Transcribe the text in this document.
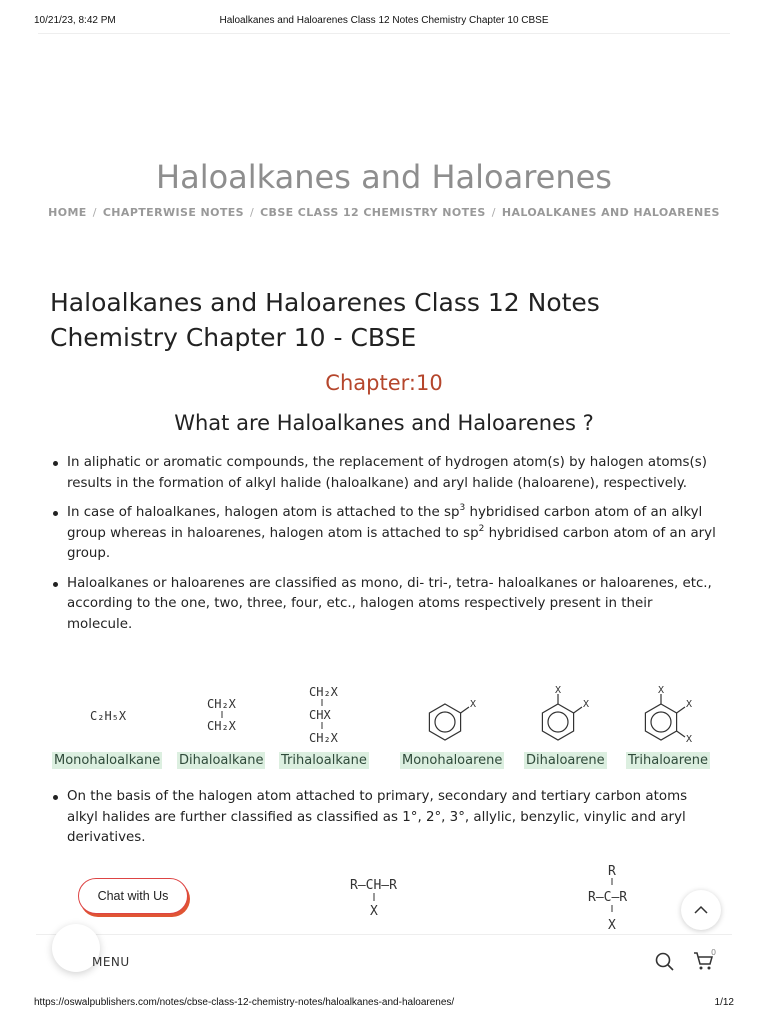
10/21/23, 8:42 PM	Haloalkanes and Haloarenes Class 12 Notes Chemistry Chapter 10 CBSE
Haloalkanes and Haloarenes
HOME / CHAPTERWISE NOTES / CBSE CLASS 12 CHEMISTRY NOTES / HALOALKANES AND HALOARENES
Haloalkanes and Haloarenes Class 12 Notes Chemistry Chapter 10 - CBSE
Chapter:10
What are Haloalkanes and Haloarenes ?
In aliphatic or aromatic compounds, the replacement of hydrogen atom(s) by halogen atoms(s) results in the formation of alkyl halide (haloalkane) and aryl halide (haloarene), respectively.
In case of haloalkanes, halogen atom is attached to the $sp^3$ hybridised carbon atom of an alkyl group whereas in haloarenes, halogen atom is attached to $sp^2$ hybridised carbon atom of an aryl group.
Haloalkanes or haloarenes are classified as mono, di- tri-, tetra- haloalkanes or haloarenes, etc., according to the one, two, three, four, etc., halogen atoms respectively present in their molecule.
C₂H₅X
CH₂X
CH₂X
CH₂X
CHX
CH₂X
X
X
X
X
X
X
Monohaloalkane Dihaloalkane Trihaloalkane	Monohaloarene Dihaloarene Trihaloarene
On the basis of the halogen atom attached to primary, secondary and tertiary carbon atoms alkyl halides are further classified as classified as 1°, 2°, 3°, allylic, benzylic, vinylic and aryl derivatives.
R—CH—R
X
R
R—C—R
X
Chat with Us
MENU
0
https://oswalpublishers.com/notes/cbse-class-12-chemistry-notes/haloalkanes-and-haloarenes/	1/12
